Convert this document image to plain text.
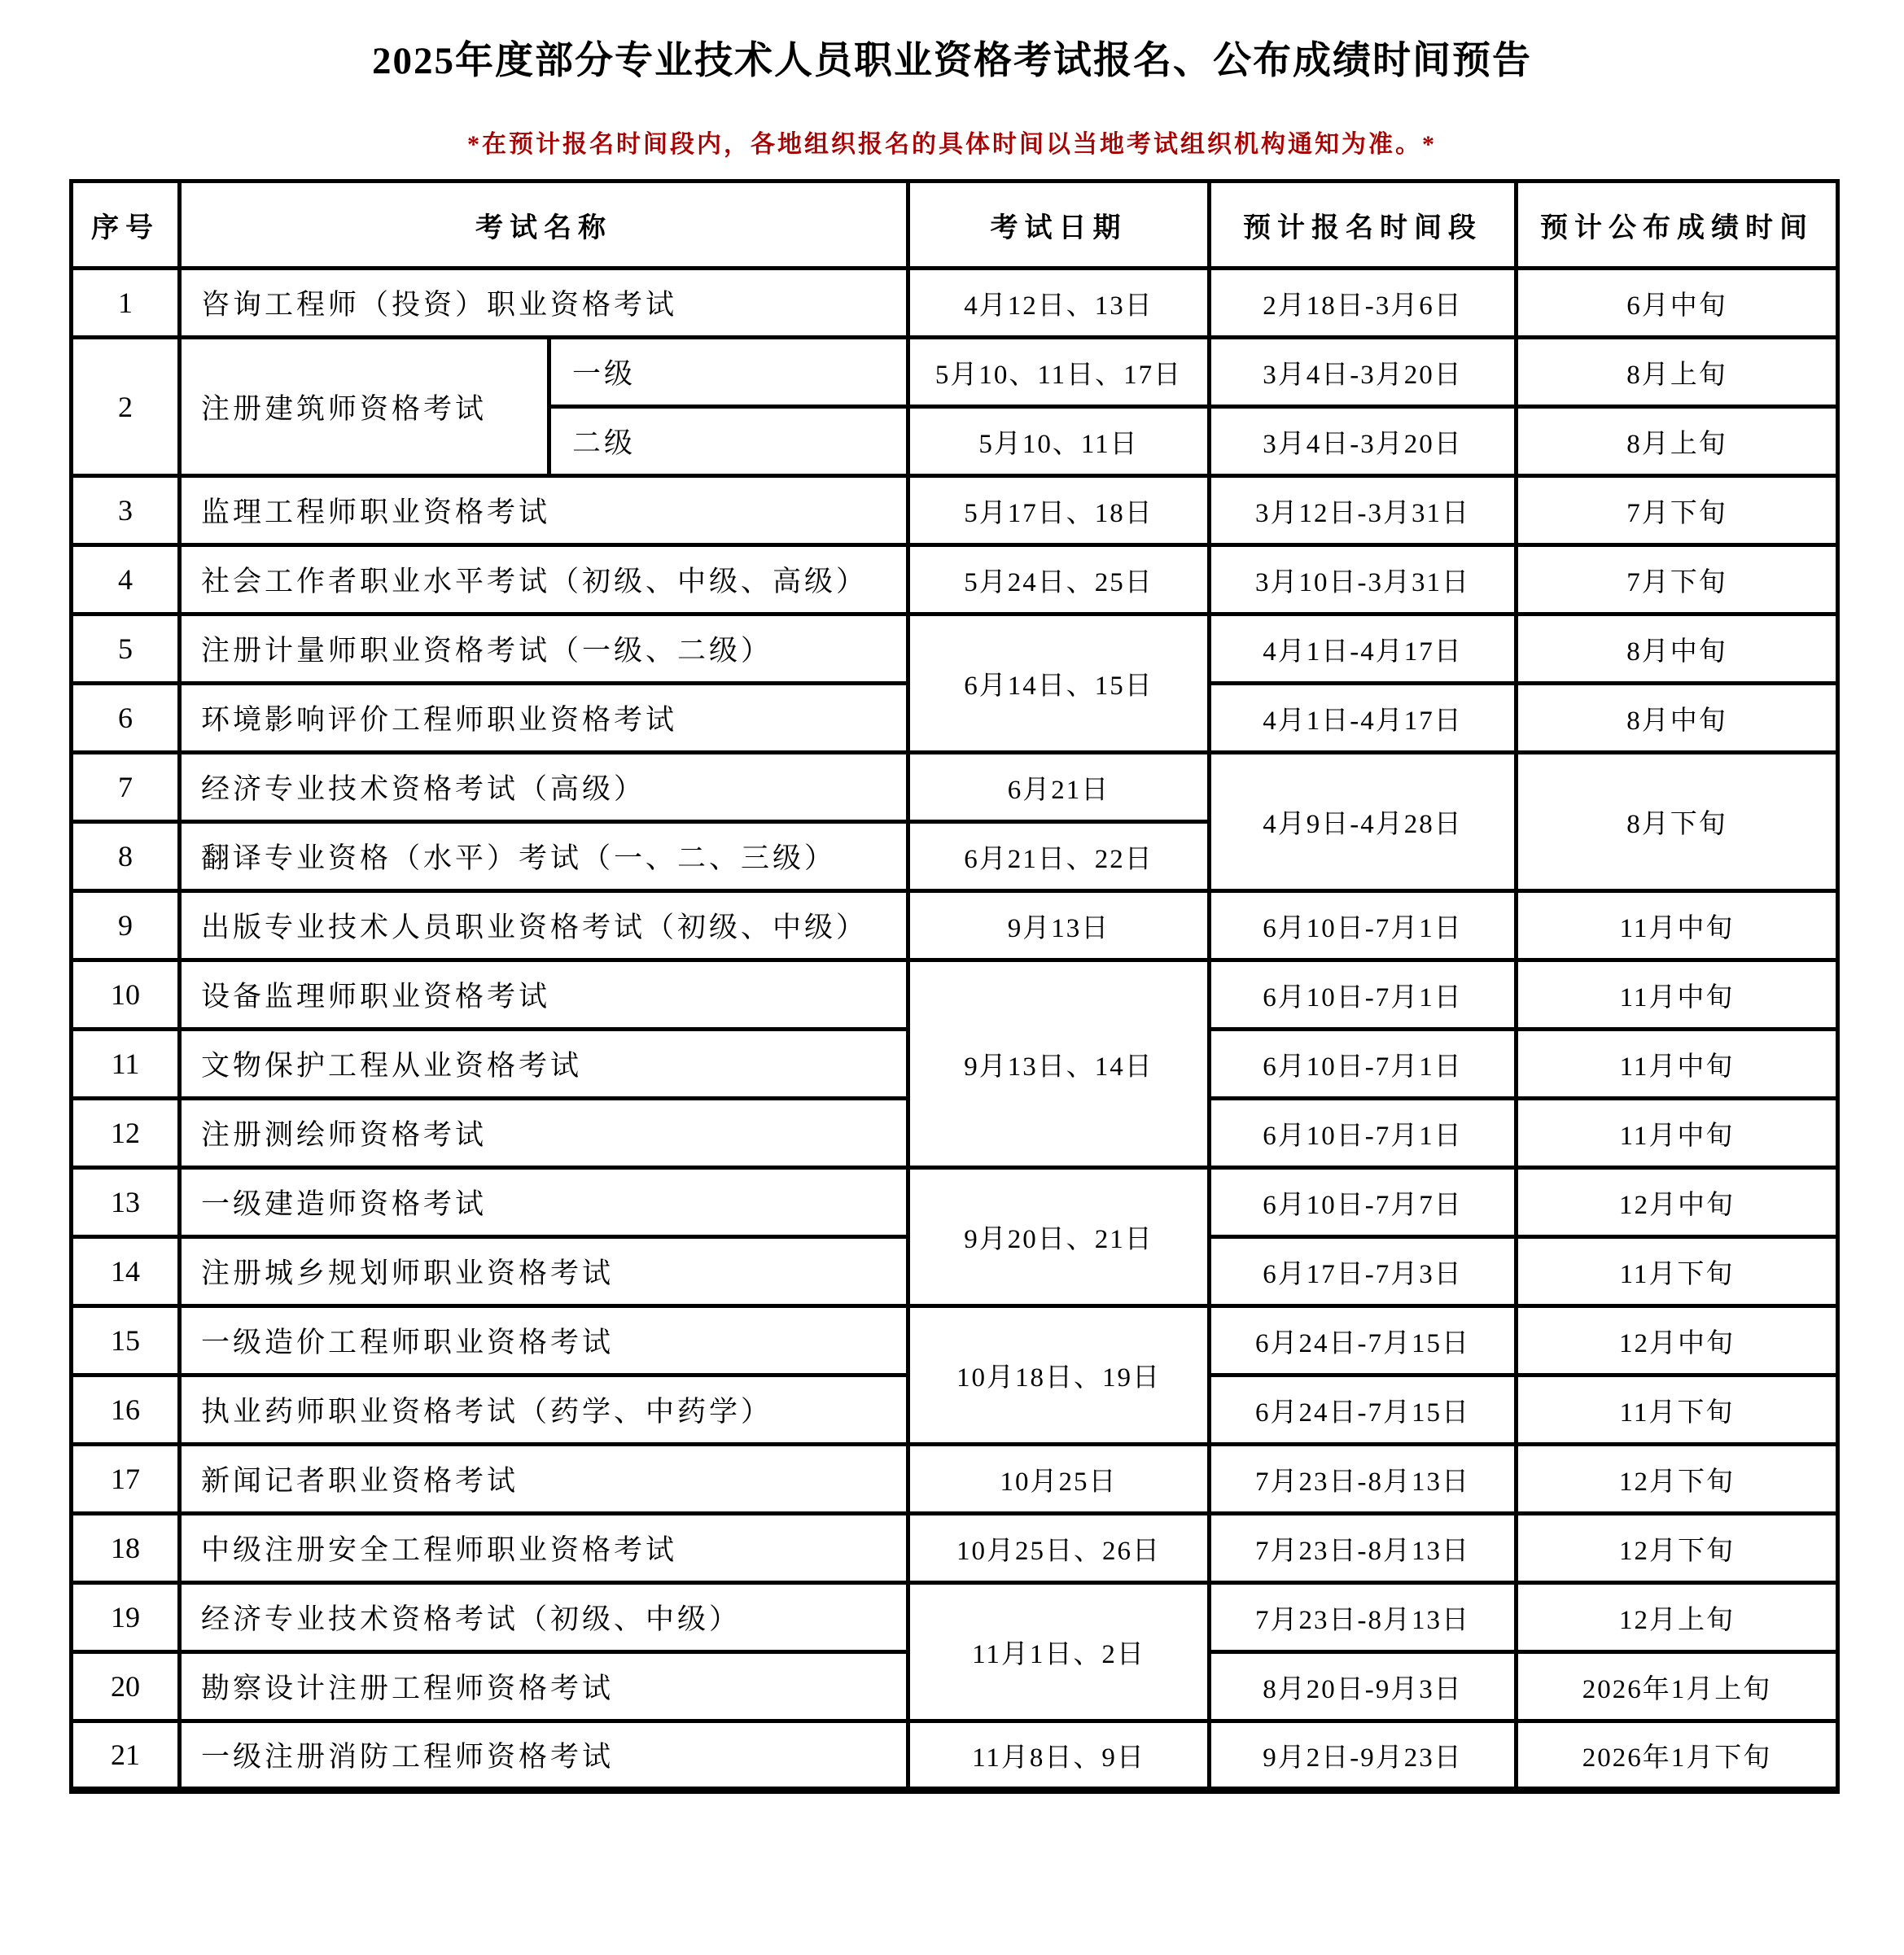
2025年度部分专业技术人员职业资格考试报名、公布成绩时间预告
*在预计报名时间段内，各地组织报名的具体时间以当地考试组织机构通知为准。*
序号	考试名称		考试日期	预计报名时间段	预计公布成绩时间
1	咨询工程师（投资）职业资格考试		4月12日、13日	2月18日-3月6日	6月中旬
2	注册建筑师资格考试	一级	5月10、11日、17日	3月4日-3月20日	8月上旬
		二级	5月10、11日	3月4日-3月20日	8月上旬
3	监理工程师职业资格考试		5月17日、18日	3月12日-3月31日	7月下旬
4	社会工作者职业水平考试（初级、中级、高级）		5月24日、25日	3月10日-3月31日	7月下旬
5	注册计量师职业资格考试（一级、二级）		6月14日、15日	4月1日-4月17日	8月中旬
6	环境影响评价工程师职业资格考试			4月1日-4月17日	8月中旬
7	经济专业技术资格考试（高级）		6月21日	4月9日-4月28日	8月下旬
8	翻译专业资格（水平）考试（一、二、三级）		6月21日、22日		
9	出版专业技术人员职业资格考试（初级、中级）		9月13日	6月10日-7月1日	11月中旬
10	设备监理师职业资格考试		9月13日、14日	6月10日-7月1日	11月中旬
11	文物保护工程从业资格考试			6月10日-7月1日	11月中旬
12	注册测绘师资格考试			6月10日-7月1日	11月中旬
13	一级建造师资格考试		9月20日、21日	6月10日-7月7日	12月中旬
14	注册城乡规划师职业资格考试			6月17日-7月3日	11月下旬
15	一级造价工程师职业资格考试		10月18日、19日	6月24日-7月15日	12月中旬
16	执业药师职业资格考试（药学、中药学）			6月24日-7月15日	11月下旬
17	新闻记者职业资格考试		10月25日	7月23日-8月13日	12月下旬
18	中级注册安全工程师职业资格考试		10月25日、26日	7月23日-8月13日	12月下旬
19	经济专业技术资格考试（初级、中级）		11月1日、2日	7月23日-8月13日	12月上旬
20	勘察设计注册工程师资格考试			8月20日-9月3日	2026年1月上旬
21	一级注册消防工程师资格考试		11月8日、9日	9月2日-9月23日	2026年1月下旬
